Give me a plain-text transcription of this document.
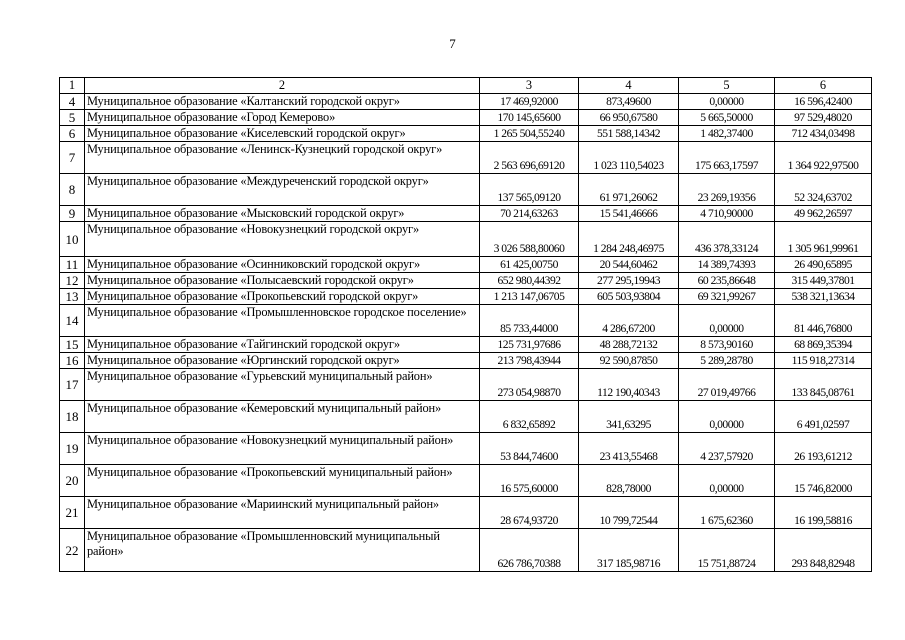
7
1	2	3	4	5	6
4	Муниципальное образование «Калтанский городской округ»	17 469,92000	873,49600	0,00000	16 596,42400
5	Муниципальное образование «Город Кемерово»	170 145,65600	66 950,67580	5 665,50000	97 529,48020
6	Муниципальное образование «Киселевский городской округ»	1 265 504,55240	551 588,14342	1 482,37400	712 434,03498
7	Муниципальное образование «Ленинск-Кузнецкий городской округ»	2 563 696,69120	1 023 110,54023	175 663,17597	1 364 922,97500
8	Муниципальное образование «Междуреченский городской округ»	137 565,09120	61 971,26062	23 269,19356	52 324,63702
9	Муниципальное образование «Мысковский городской округ»	70 214,63263	15 541,46666	4 710,90000	49 962,26597
10	Муниципальное образование «Новокузнецкий городской округ»	3 026 588,80060	1 284 248,46975	436 378,33124	1 305 961,99961
11	Муниципальное образование «Осинниковский городской округ»	61 425,00750	20 544,60462	14 389,74393	26 490,65895
12	Муниципальное образование «Полысаевский городской округ»	652 980,44392	277 295,19943	60 235,86648	315 449,37801
13	Муниципальное образование «Прокопьевский городской округ»	1 213 147,06705	605 503,93804	69 321,99267	538 321,13634
14	Муниципальное образование «Промышленновское городское поселение»	85 733,44000	4 286,67200	0,00000	81 446,76800
15	Муниципальное образование «Тайгинский городской округ»	125 731,97686	48 288,72132	8 573,90160	68 869,35394
16	Муниципальное образование «Юргинский городской округ»	213 798,43944	92 590,87850	5 289,28780	115 918,27314
17	Муниципальное образование «Гурьевский муниципальный район»	273 054,98870	112 190,40343	27 019,49766	133 845,08761
18	Муниципальное образование «Кемеровский муниципальный район»	6 832,65892	341,63295	0,00000	6 491,02597
19	Муниципальное образование «Новокузнецкий муниципальный район»	53 844,74600	23 413,55468	4 237,57920	26 193,61212
20	Муниципальное образование «Прокопьевский муниципальный район»	16 575,60000	828,78000	0,00000	15 746,82000
21	Муниципальное образование «Мариинский муниципальный район»	28 674,93720	10 799,72544	1 675,62360	16 199,58816
22	Муниципальное образование «Промышленновский муниципальный район»	626 786,70388	317 185,98716	15 751,88724	293 848,82948
